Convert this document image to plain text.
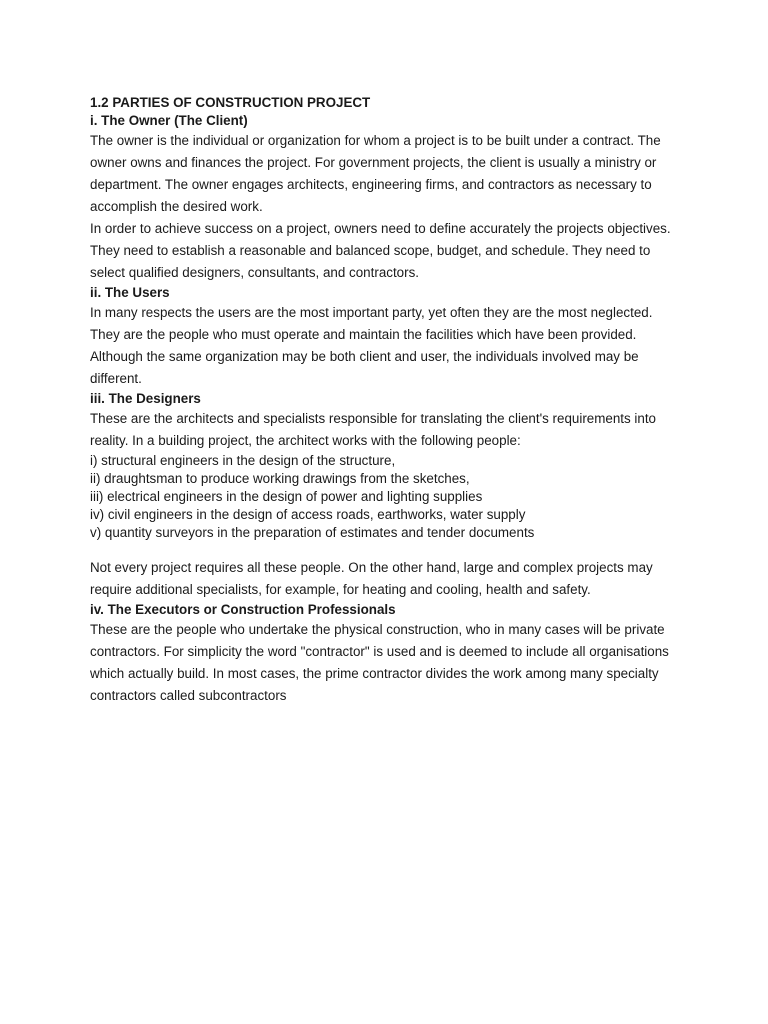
1.2 PARTIES OF CONSTRUCTION PROJECT

i. The Owner (The Client)

The owner is the individual or organization for whom a project is to be built under a contract. The owner owns and finances the project. For government projects, the client is usually a ministry or department. The owner engages architects, engineering firms, and contractors as necessary to accomplish the desired work.

In order to achieve success on a project, owners need to define accurately the projects objectives. They need to establish a reasonable and balanced scope, budget, and schedule. They need to select qualified designers, consultants, and contractors.

ii. The Users

In many respects the users are the most important party, yet often they are the most neglected. They are the people who must operate and maintain the facilities which have been provided. Although the same organization may be both client and user, the individuals involved may be different.

iii. The Designers

These are the architects and specialists responsible for translating the client's requirements into reality. In a building project, the architect works with the following people:

i) structural engineers in the design of the structure,

ii) draughtsman to produce working drawings from the sketches,

iii) electrical engineers in the design of power and lighting supplies

iv) civil engineers in the design of access roads, earthworks, water supply

v) quantity surveyors in the preparation of estimates and tender documents

Not every project requires all these people. On the other hand, large and complex projects may require additional specialists, for example, for heating and cooling, health and safety.

iv. The Executors or Construction Professionals

These are the people who undertake the physical construction, who in many cases will be private contractors. For simplicity the word "contractor" is used and is deemed to include all organisations which actually build. In most cases, the prime contractor divides the work among many specialty contractors called subcontractors
